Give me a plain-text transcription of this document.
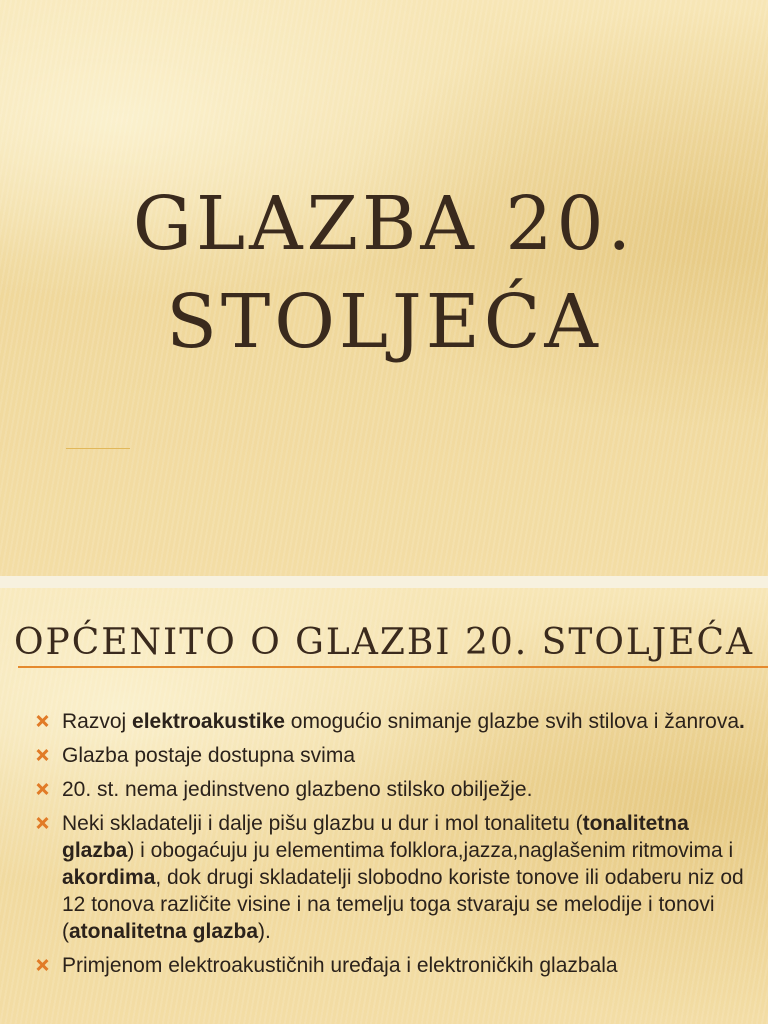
GLAZBA 20.
STOLJEĆA
OPĆENITO O GLAZBI 20. STOLJEĆA
Razvoj elektroakustike omogućio snimanje glazbe svih stilova i žanrova.
Glazba postaje dostupna svima
20. st. nema jedinstveno glazbeno stilsko obilježje.
Neki skladatelji i dalje pišu glazbu u dur i mol tonalitetu (tonalitetna glazba) i obogaćuju ju elementima folklora,jazza,naglašenim ritmovima i akordima, dok drugi skladatelji slobodno koriste tonove ili odaberu niz od 12 tonova različite visine i na temelju toga stvaraju se melodije i tonovi (atonalitetna glazba).
Primjenom elektroakustičnih uređaja i elektroničkih glazbala
